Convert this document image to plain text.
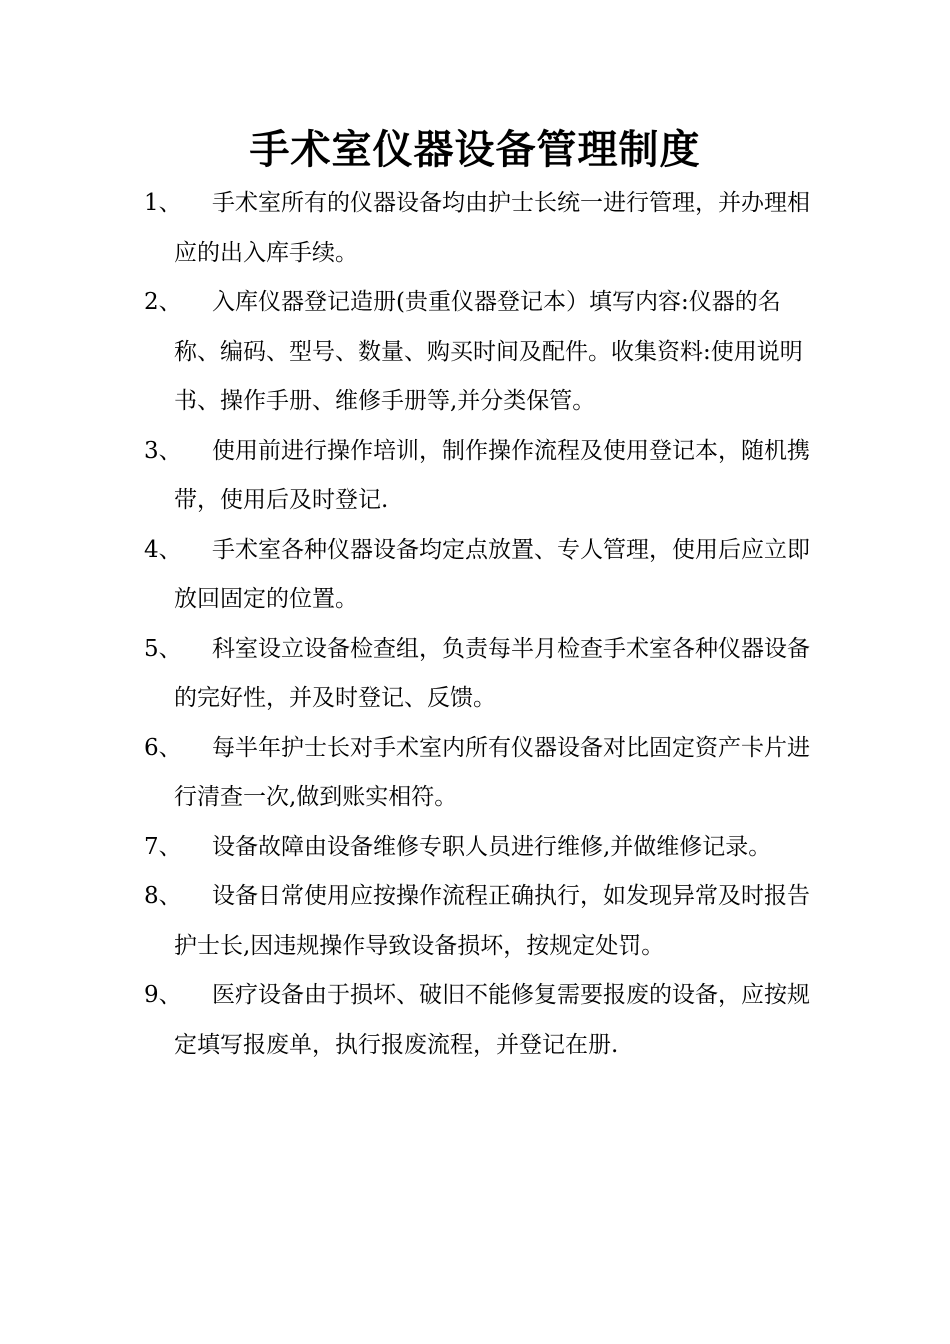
手术室仪器设备管理制度
1、	手术室所有的仪器设备均由护士长统一进行管理，并办理相应的出入库手续。
2、	入库仪器登记造册(贵重仪器登记本）填写内容:仪器的名称、编码、型号、数量、购买时间及配件。收集资料:使用说明书、操作手册、维修手册等,并分类保管。
3、	使用前进行操作培训，制作操作流程及使用登记本，随机携带，使用后及时登记.
4、	手术室各种仪器设备均定点放置、专人管理，使用后应立即放回固定的位置。
5、	科室设立设备检查组，负责每半月检查手术室各种仪器设备的完好性，并及时登记、反馈。
6、	每半年护士长对手术室内所有仪器设备对比固定资产卡片进行清查一次,做到账实相符。
7、	设备故障由设备维修专职人员进行维修,并做维修记录。
8、	设备日常使用应按操作流程正确执行，如发现异常及时报告护士长,因违规操作导致设备损坏，按规定处罚。
9、	医疗设备由于损坏、破旧不能修复需要报废的设备，应按规定填写报废单，执行报废流程，并登记在册.
